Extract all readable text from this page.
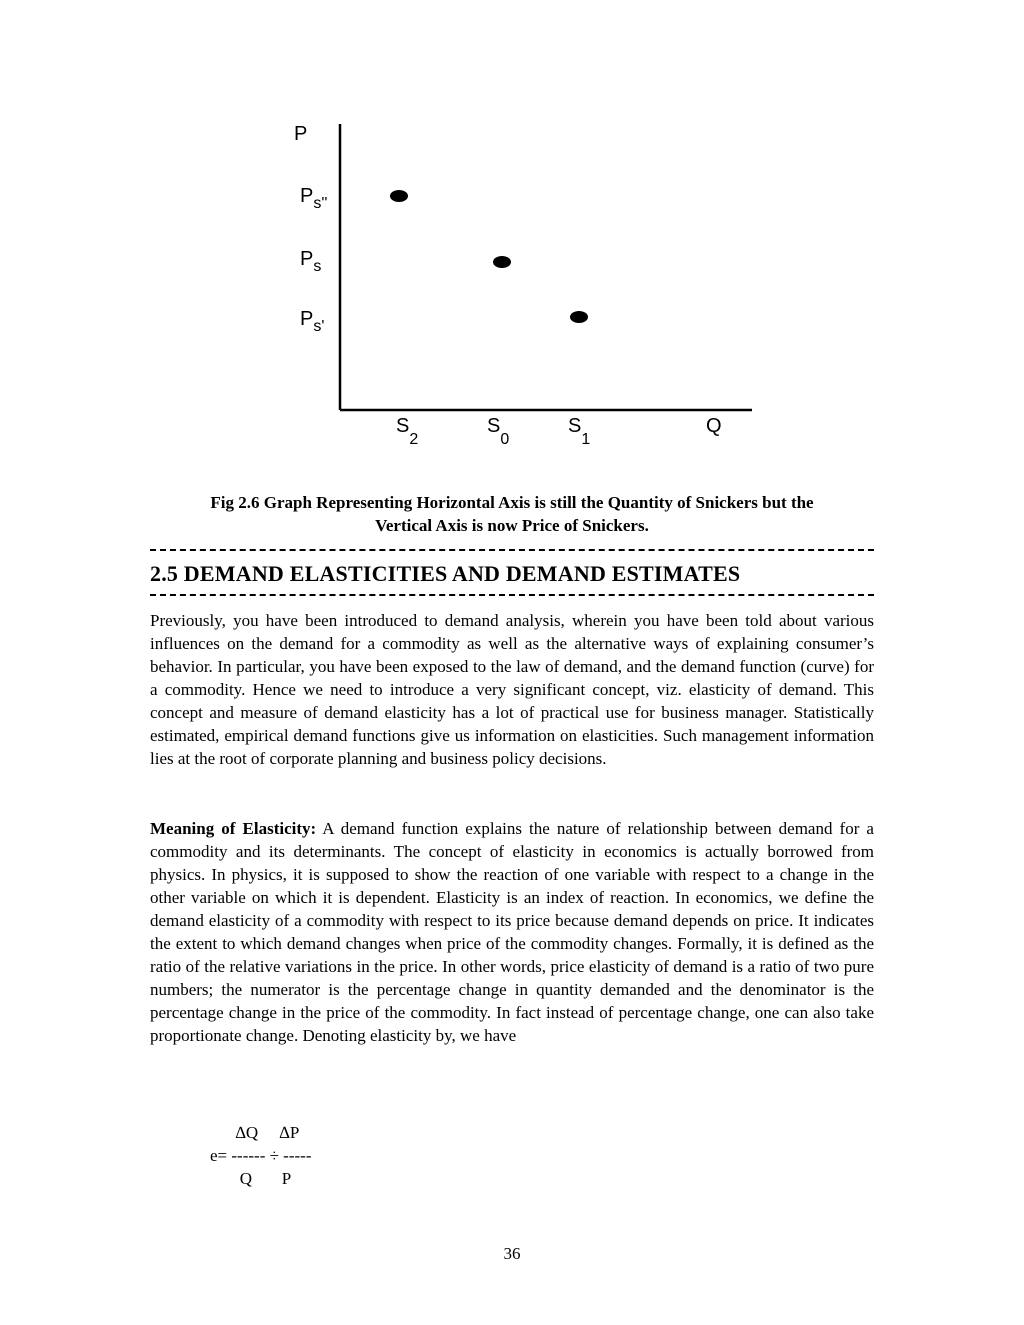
P
$P_{s''}$
$P_s$
$P_{s'}$
$S_2$
$S_0$
$S_1$
Q
Fig 2.6 Graph Representing Horizontal Axis is still the Quantity of Snickers but the
Vertical Axis is now Price of Snickers.
2.5 DEMAND ELASTICITIES AND DEMAND ESTIMATES

Previously, you have been introduced to demand analysis, wherein you have been told about various influences on the demand for a commodity as well as the alternative ways of explaining consumer’s behavior. In particular, you have been exposed to the law of demand, and the demand function (curve) for a commodity. Hence we need to introduce a very significant concept, viz. elasticity of demand. This concept and measure of demand elasticity has a lot of practical use for business manager. Statistically estimated, empirical demand functions give us information on elasticities. Such management information lies at the root of corporate planning and business policy decisions.

Meaning of Elasticity: A demand function explains the nature of relationship between demand for a commodity and its determinants. The concept of elasticity in economics is actually borrowed from physics. In physics, it is supposed to show the reaction of one variable with respect to a change in the other variable on which it is dependent. Elasticity is an index of reaction. In economics, we define the demand elasticity of a commodity with respect to its price because demand depends on price. It indicates the extent to which demand changes when price of the commodity changes. Formally, it is defined as the ratio of the relative variations in the price. In other words, price elasticity of demand is a ratio of two pure numbers; the numerator is the percentage change in quantity demanded and the denominator is the percentage change in the price of the commodity. In fact instead of percentage change, one can also take proportionate change. Denoting elasticity by, we have

∆Q     ∆P
e= ------ ÷ -----
Q       P
36
